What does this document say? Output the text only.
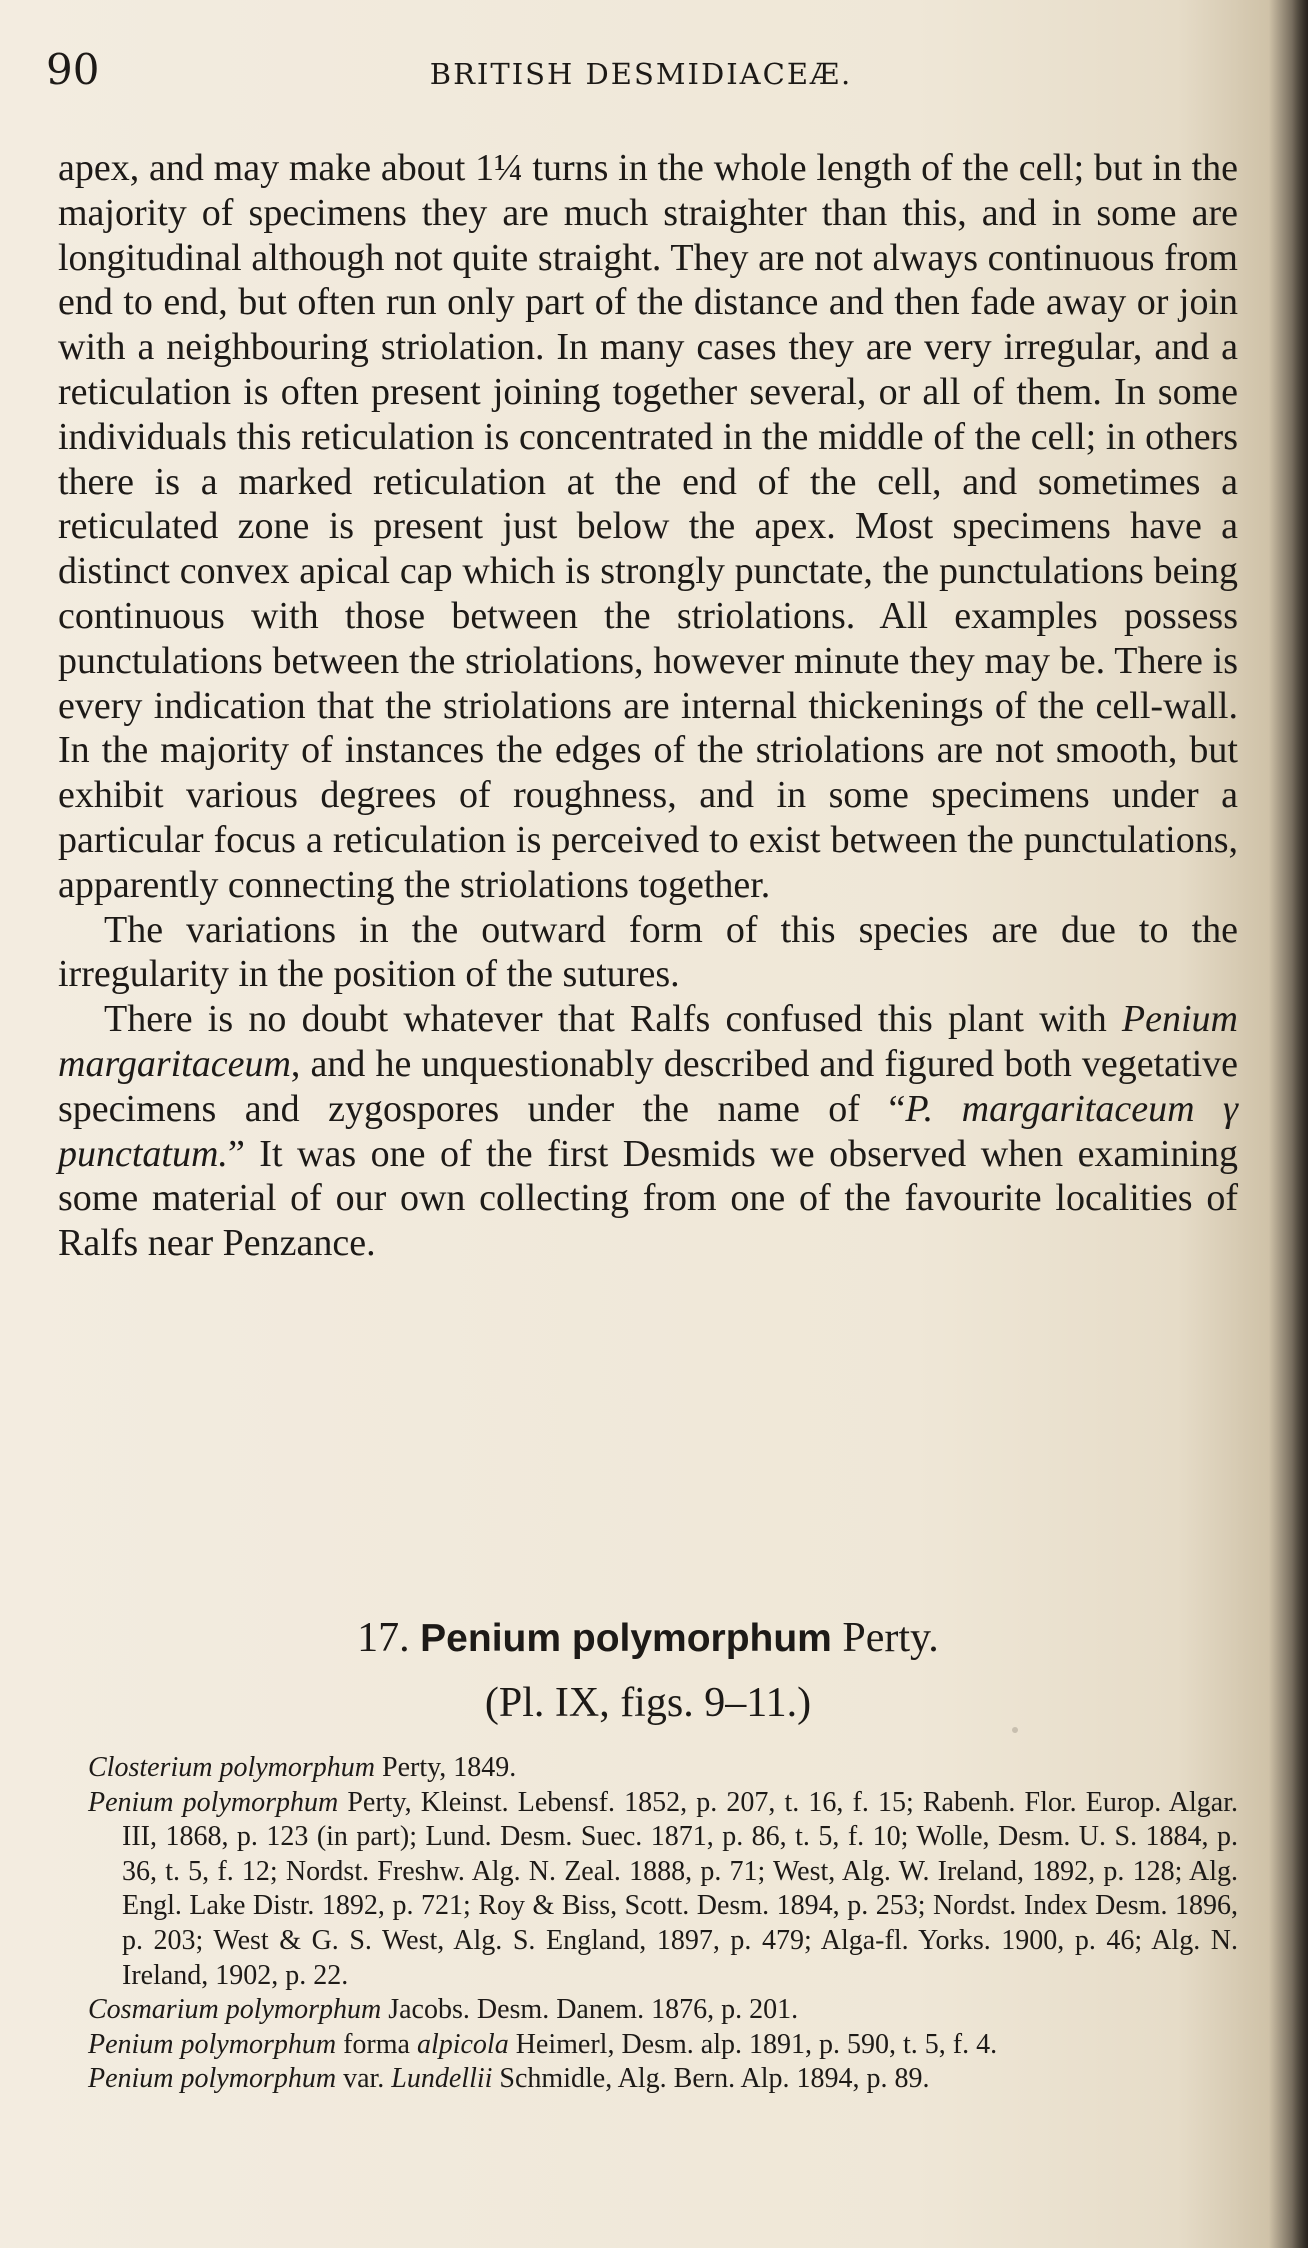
90	BRITISH DESMIDIACEÆ.

apex, and may make about 1¼ turns in the whole length of the cell; but in the majority of specimens they are much straighter than this, and in some are longitudinal although not quite straight. They are not always continuous from end to end, but often run only part of the distance and then fade away or join with a neighbouring striolation. In many cases they are very irregular, and a reticulation is often present joining together several, or all of them. In some individuals this reticulation is concentrated in the middle of the cell; in others there is a marked reticulation at the end of the cell, and sometimes a reticulated zone is present just below the apex. Most specimens have a distinct convex apical cap which is strongly punctate, the punctulations being continuous with those between the striolations. All examples possess punctulations between the striolations, however minute they may be. There is every indication that the striolations are internal thickenings of the cell-wall. In the majority of instances the edges of the striolations are not smooth, but exhibit various degrees of roughness, and in some specimens under a particular focus a reticulation is perceived to exist between the punctulations, apparently connecting the striolations together.

The variations in the outward form of this species are due to the irregularity in the position of the sutures.

There is no doubt whatever that Ralfs confused this plant with Penium margaritaceum, and he unquestionably described and figured both vegetative specimens and zygospores under the name of “P. margaritaceum γ punctatum.” It was one of the first Desmids we observed when examining some material of our own collecting from one of the favourite localities of Ralfs near Penzance.

17. Penium polymorphum Perty.
(Pl. IX, figs. 9–11.)

Closterium polymorphum Perty, 1849.

Penium polymorphum Perty, Kleinst. Lebensf. 1852, p. 207, t. 16, f. 15; Rabenh. Flor. Europ. Algar. III, 1868, p. 123 (in part); Lund. Desm. Suec. 1871, p. 86, t. 5, f. 10; Wolle, Desm. U. S. 1884, p. 36, t. 5, f. 12; Nordst. Freshw. Alg. N. Zeal. 1888, p. 71; West, Alg. W. Ireland, 1892, p. 128; Alg. Engl. Lake Distr. 1892, p. 721; Roy & Biss, Scott. Desm. 1894, p. 253; Nordst. Index Desm. 1896, p. 203; West & G. S. West, Alg. S. England, 1897, p. 479; Alga-fl. Yorks. 1900, p. 46; Alg. N. Ireland, 1902, p. 22.

Cosmarium polymorphum Jacobs. Desm. Danem. 1876, p. 201.

Penium polymorphum forma alpicola Heimerl, Desm. alp. 1891, p. 590, t. 5, f. 4.

Penium polymorphum var. Lundellii Schmidle, Alg. Bern. Alp. 1894, p. 89.
